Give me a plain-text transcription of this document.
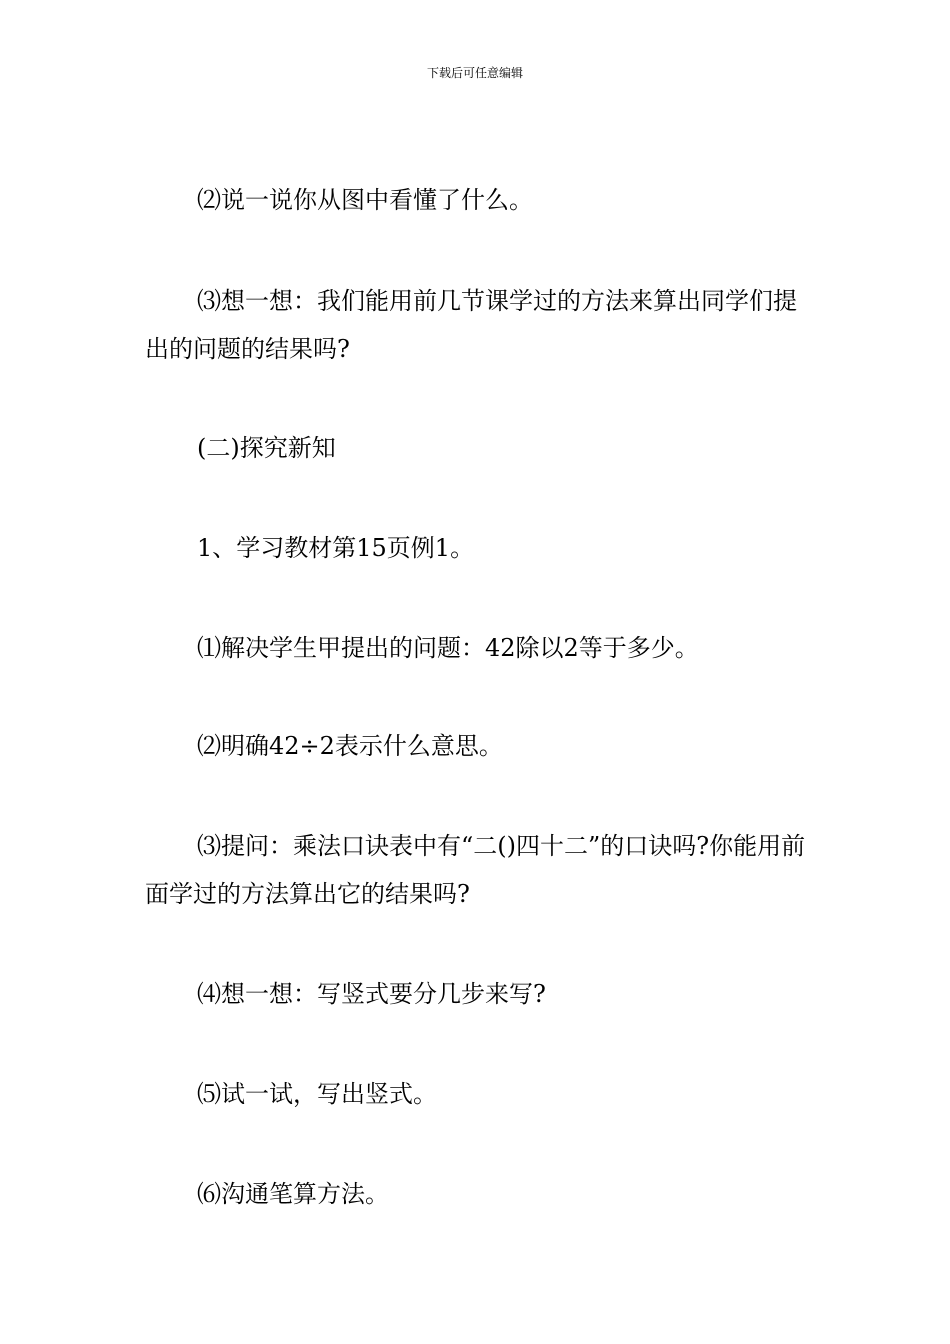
下载后可任意编辑
⑵说一说你从图中看懂了什么。
⑶想一想：我们能用前几节课学过的方法来算出同学们提出的问题的结果吗?
(二)探究新知
1、学习教材第15页例1。
⑴解决学生甲提出的问题：42除以2等于多少。
⑵明确42÷2表示什么意思。
⑶提问：乘法口诀表中有“二()四十二”的口诀吗?你能用前面学过的方法算出它的结果吗?
⑷想一想：写竖式要分几步来写?
⑸试一试，写出竖式。
⑹沟通笔算方法。
